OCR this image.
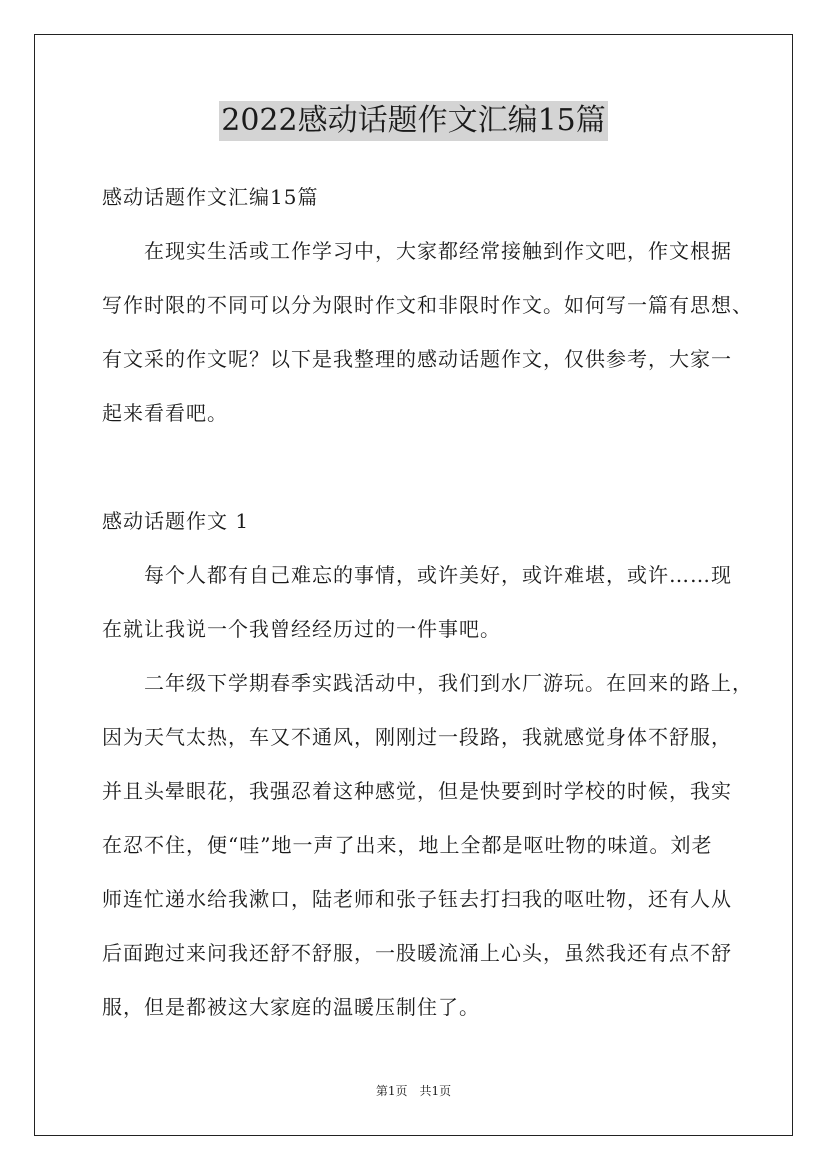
2022感动话题作文汇编15篇
感动话题作文汇编15篇
在现实生活或工作学习中，大家都经常接触到作文吧，作文根据
写作时限的不同可以分为限时作文和非限时作文。如何写一篇有思想、
有文采的作文呢？以下是我整理的感动话题作文，仅供参考，大家一
起来看看吧。
感动话题作文 1
每个人都有自己难忘的事情，或许美好，或许难堪，或许……现
在就让我说一个我曾经经历过的一件事吧。
二年级下学期春季实践活动中，我们到水厂游玩。在回来的路上，
因为天气太热，车又不通风，刚刚过一段路，我就感觉身体不舒服，
并且头晕眼花，我强忍着这种感觉，但是快要到时学校的时候，我实
在忍不住，便“哇”地一声了出来，地上全都是呕吐物的味道。刘老
师连忙递水给我漱口，陆老师和张子钰去打扫我的呕吐物，还有人从
后面跑过来问我还舒不舒服，一股暖流涌上心头，虽然我还有点不舒
服，但是都被这大家庭的温暖压制住了。
第1页　共1页
